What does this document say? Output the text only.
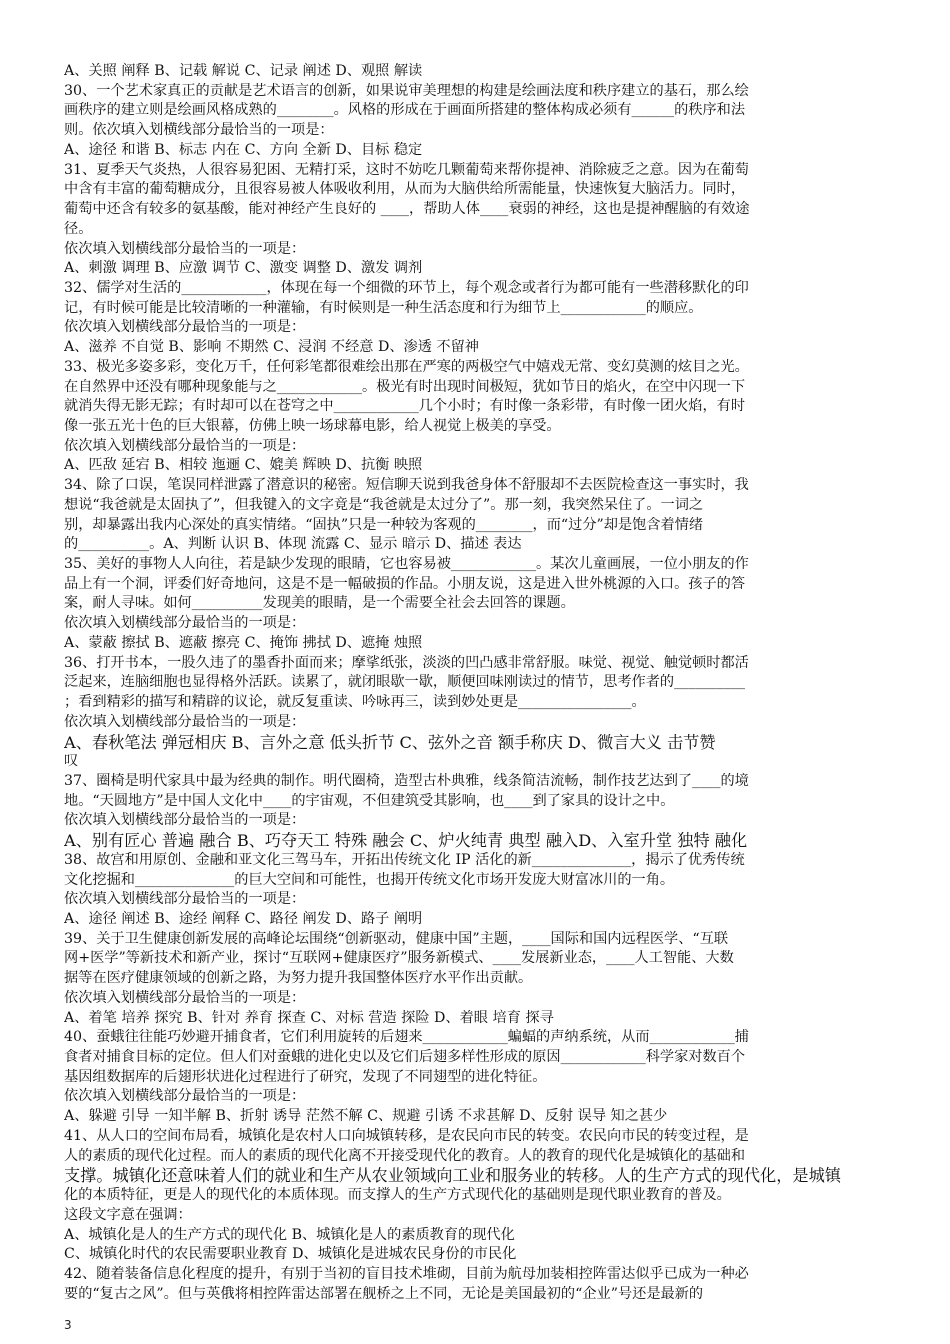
A、关照 阐释 B、记载 解说 C、记录 阐述 D、观照 解读
30、一个艺术家真正的贡献是艺术语言的创新，如果说审美理想的构建是绘画法度和秩序建立的基石，那么绘
画秩序的建立则是绘画风格成熟的________。风格的形成在于画面所搭建的整体构成必须有______的秩序和法
则。依次填入划横线部分最恰当的一项是：
A、途径 和谐 B、标志 内在 C、方向 全新 D、目标 稳定
31、夏季天气炎热，人很容易犯困、无精打采，这时不妨吃几颗葡萄来帮你提神、消除疲乏之意。因为在葡萄
中含有丰富的葡萄糖成分，且很容易被人体吸收利用，从而为大脑供给所需能量，快速恢复大脑活力。同时，
葡萄中还含有较多的氨基酸，能对神经产生良好的 ____，帮助人体____衰弱的神经，这也是提神醒脑的有效途
径。
依次填入划横线部分最恰当的一项是：
A、刺激 调理 B、应激 调节 C、激变 调整 D、激发 调剂
32、儒学对生活的____________，体现在每一个细微的环节上，每个观念或者行为都可能有一些潜移默化的印
记，有时候可能是比较清晰的一种灌输，有时候则是一种生活态度和行为细节上____________的顺应。
依次填入划横线部分最恰当的一项是：
A、滋养 不自觉 B、影响 不期然 C、浸润 不经意 D、渗透 不留神
33、极光多姿多彩，变化万千，任何彩笔都很难绘出那在严寒的两极空气中嬉戏无常、变幻莫测的炫目之光。
在自然界中还没有哪种现象能与之____________。极光有时出现时间极短，犹如节日的焰火，在空中闪现一下
就消失得无影无踪；有时却可以在苍穹之中____________几个小时；有时像一条彩带，有时像一团火焰，有时
像一张五光十色的巨大银幕，仿佛上映一场球幕电影，给人视觉上极美的享受。
依次填入划横线部分最恰当的一项是：
A、匹敌 延宕 B、相较 迤逦 C、媲美 辉映 D、抗衡 映照
34、除了口误，笔误同样泄露了潜意识的秘密。短信聊天说到我爸身体不舒服却不去医院检查这一事实时，我
想说“我爸就是太固执了”，但我键入的文字竟是“我爸就是太过分了”。那一刻，我突然呆住了。一词之
别，却暴露出我内心深处的真实情绪。“固执”只是一种较为客观的________，而“过分”却是饱含着情绪
的__________。A、判断 认识 B、体现 流露 C、显示 暗示 D、描述 表达
35、美好的事物人人向往，若是缺少发现的眼睛，它也容易被____________。某次儿童画展，一位小朋友的作
品上有一个洞，评委们好奇地问，这是不是一幅破损的作品。小朋友说，这是进入世外桃源的入口。孩子的答
案，耐人寻味。如何__________发现美的眼睛，是一个需要全社会去回答的课题。
依次填入划横线部分最恰当的一项是：
A、蒙蔽 擦拭 B、遮蔽 擦亮 C、掩饰 拂拭 D、遮掩 烛照
36、打开书本，一股久违了的墨香扑面而来；摩挲纸张，淡淡的凹凸感非常舒服。味觉、视觉、触觉顿时都活
泛起来，连脑细胞也显得格外活跃。读累了，就闭眼歇一歇，顺便回味刚读过的情节，思考作者的__________
；看到精彩的描写和精辟的议论，就反复重读、吟咏再三，读到妙处更是________________。
依次填入划横线部分最恰当的一项是：
A、春秋笔法 弹冠相庆 B、言外之意 低头折节 C、弦外之音 额手称庆 D、微言大义 击节赞
叹
37、圈椅是明代家具中最为经典的制作。明代圈椅，造型古朴典雅，线条简洁流畅，制作技艺达到了____的境
地。“天圆地方”是中国人文化中____的宇宙观，不但建筑受其影响，也____到了家具的设计之中。
依次填入划横线部分最恰当的一项是：
A、别有匠心 普遍 融合 B、巧夺天工 特殊 融会 C、炉火纯青 典型 融入D、入室升堂 独特 融化
38、故宫和用原创、金融和亚文化三驾马车，开拓出传统文化 IP 活化的新______________，揭示了优秀传统
文化挖掘和______________的巨大空间和可能性，也揭开传统文化市场开发庞大财富冰川的一角。
依次填入划横线部分最恰当的一项是：
A、途径 阐述 B、途经 阐释 C、路径 阐发 D、路子 阐明
39、关于卫生健康创新发展的高峰论坛围绕“创新驱动，健康中国”主题，____国际和国内远程医学、“互联
网+医学”等新技术和新产业，探讨“互联网+健康医疗”服务新模式、____发展新业态，____人工智能、大数
据等在医疗健康领域的创新之路，为努力提升我国整体医疗水平作出贡献。
依次填入划横线部分最恰当的一项是：
A、着笔 培养 探究 B、针对 养育 探查 C、对标 营造 探险 D、着眼 培育 探寻
40、蚕蛾往往能巧妙避开捕食者，它们利用旋转的后翅来____________蝙蝠的声纳系统，从而____________捕
食者对捕食目标的定位。但人们对蚕蛾的进化史以及它们后翅多样性形成的原因____________科学家对数百个
基因组数据库的后翅形状进化过程进行了研究，发现了不同翅型的进化特征。
依次填入划横线部分最恰当的一项是：
A、躲避 引导 一知半解 B、折射 诱导 茫然不解 C、规避 引诱 不求甚解 D、反射 误导 知之甚少
41、从人口的空间布局看，城镇化是农村人口向城镇转移，是农民向市民的转变。农民向市民的转变过程，是
人的素质的现代化过程。而人的素质的现代化离不开接受现代化的教育。人的教育的现代化是城镇化的基础和
支撑。城镇化还意味着人们的就业和生产从农业领域向工业和服务业的转移。人的生产方式的现代化，是城镇
化的本质特征，更是人的现代化的本质体现。而支撑人的生产方式现代化的基础则是现代职业教育的普及。
这段文字意在强调：
A、城镇化是人的生产方式的现代化 B、城镇化是人的素质教育的现代化
C、城镇化时代的农民需要职业教育 D、城镇化是进城农民身份的市民化
42、随着装备信息化程度的提升，有别于当初的盲目技术堆砌，目前为航母加装相控阵雷达似乎已成为一种必
要的“复古之风”。但与英俄将相控阵雷达部署在舰桥之上不同，无论是美国最初的“企业”号还是最新的
3
